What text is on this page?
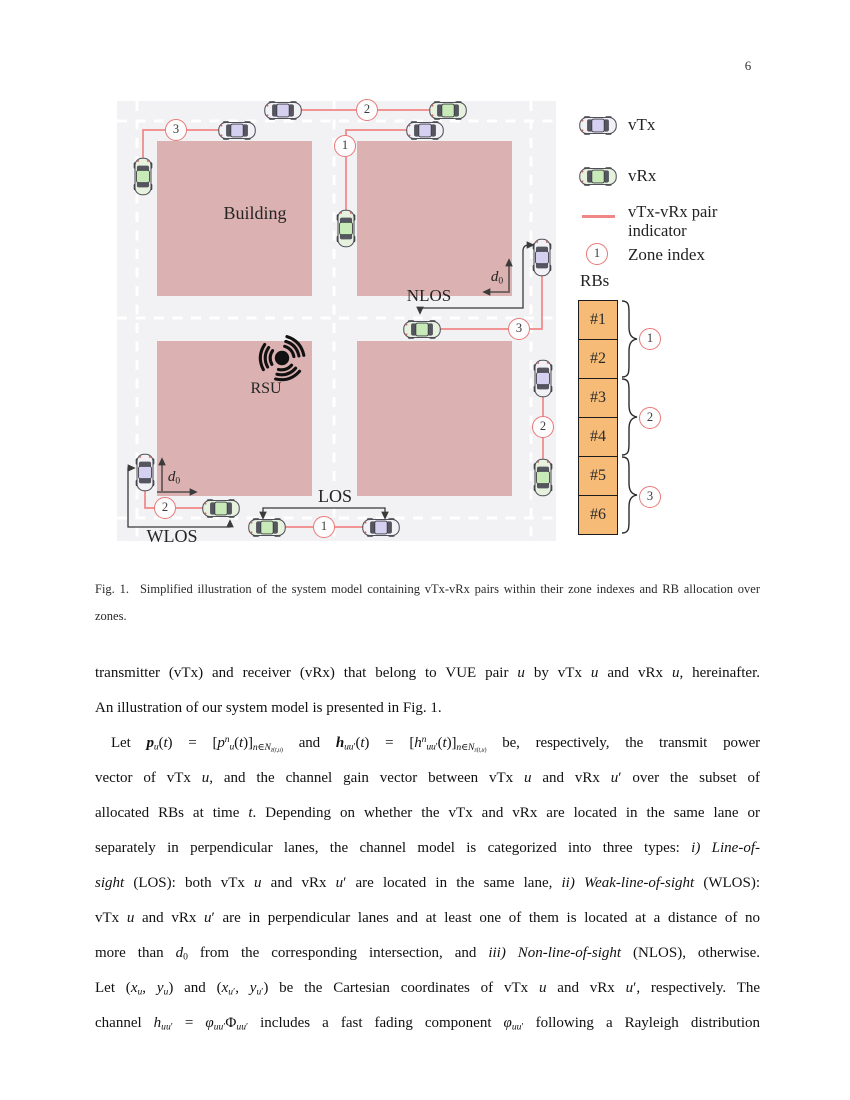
6
Building
RSU
NLOS
WLOS
LOS
$d_0$
$d_0$
2
3
1
3
2
2
1
vTx
vRx
vTx-vRx pair
indicator
1	Zone index
RBs
#1
#2
#3
#4
#5
#6
1
2
3
Fig. 1. Simplified illustration of the system model containing vTx-vRx pairs within their zone indexes and RB allocation over
zones.
transmitter (vTx) and receiver (vRx) that belong to VUE pair u by vTx u and vRx u, hereinafter.
An illustration of our system model is presented in Fig. 1.
Let $p_u(t) = [p^n_u(t)]_{n\in N_{z(t,u)}}$ and $h_{uu'}(t) = [h^n_{uu'}(t)]_{n\in N_{z(t,u)}}$ be, respectively, the transmit power
vector of vTx u, and the channel gain vector between vTx u and vRx u′ over the subset of
allocated RBs at time t. Depending on whether the vTx and vRx are located in the same lane or
separately in perpendicular lanes, the channel model is categorized into three types: i) Line-of-
sight (LOS): both vTx u and vRx u′ are located in the same lane, ii) Weak-line-of-sight (WLOS):
vTx u and vRx u′ are in perpendicular lanes and at least one of them is located at a distance of no
more than $d_0$ from the corresponding intersection, and iii) Non-line-of-sight (NLOS), otherwise.
Let ($x_u$, $y_u$) and ($x_{u'}$, $y_{u'}$) be the Cartesian coordinates of vTx u and vRx u′, respectively. The
channel $h_{uu'} = \varphi_{uu'}\Phi_{uu'}$ includes a fast fading component $\varphi_{uu'}$ following a Rayleigh distribution
